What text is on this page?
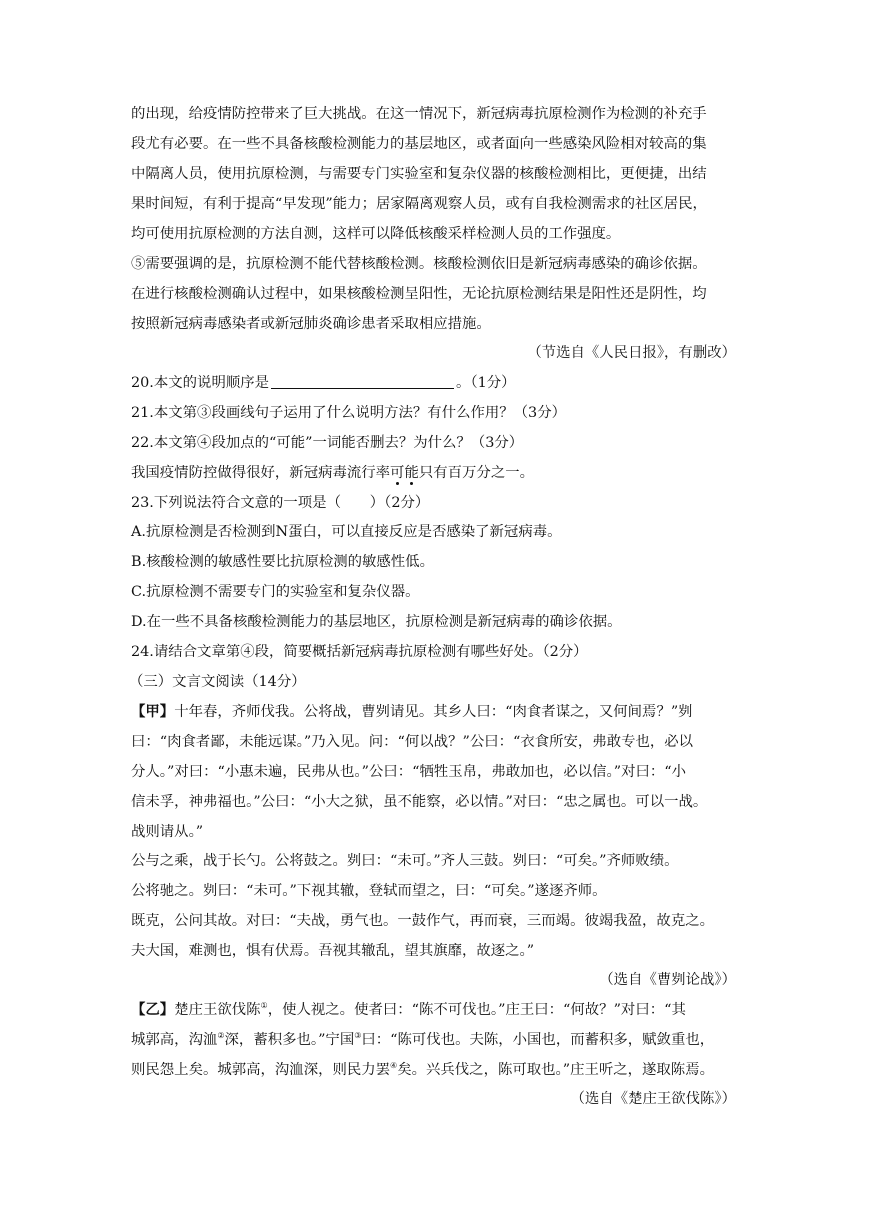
的出现，给疫情防控带来了巨大挑战。在这一情况下，新冠病毒抗原检测作为检测的补充手
段尤有必要。在一些不具备核酸检测能力的基层地区，或者面向一些感染风险相对较高的集
中隔离人员，使用抗原检测，与需要专门实验室和复杂仪器的核酸检测相比，更便捷，出结
果时间短，有利于提高“早发现”能力；居家隔离观察人员，或有自我检测需求的社区居民，
均可使用抗原检测的方法自测，这样可以降低核酸采样检测人员的工作强度。
⑤需要强调的是，抗原检测不能代替核酸检测。核酸检测依旧是新冠病毒感染的确诊依据。
在进行核酸检测确认过程中，如果核酸检测呈阳性，无论抗原检测结果是阳性还是阴性，均
按照新冠病毒感染者或新冠肺炎确诊患者采取相应措施。
（节选自《人民日报》，有删改）
20.本文的说明顺序是	。（1分）
21.本文第③段画线句子运用了什么说明方法？有什么作用？（3分）
22.本文第④段加点的“可能”一词能否删去？为什么？（3分）
我国疫情防控做得很好，新冠病毒流行率可能只有百万分之一。
23.下列说法符合文意的一项是（　　）（2分）
A.抗原检测是否检测到N蛋白，可以直接反应是否感染了新冠病毒。
B.核酸检测的敏感性要比抗原检测的敏感性低。
C.抗原检测不需要专门的实验室和复杂仪器。
D.在一些不具备核酸检测能力的基层地区，抗原检测是新冠病毒的确诊依据。
24.请结合文章第④段，简要概括新冠病毒抗原检测有哪些好处。（2分）
（三）文言文阅读（14分）
【甲】十年春，齐师伐我。公将战，曹刿请见。其乡人曰：“肉食者谋之，又何间焉？”刿
曰：“肉食者鄙，未能远谋。”乃入见。问：“何以战？”公曰：“衣食所安，弗敢专也，必以
分人。”对曰：“小惠未遍，民弗从也。”公曰：“牺牲玉帛，弗敢加也，必以信。”对曰：“小
信未孚，神弗福也。”公曰：“小大之狱，虽不能察，必以情。”对曰：“忠之属也。可以一战。
战则请从。”
公与之乘，战于长勺。公将鼓之。刿曰：“未可。”齐人三鼓。刿曰：“可矣。”齐师败绩。
公将驰之。刿曰：“未可。”下视其辙，登轼而望之，曰：“可矣。”遂逐齐师。
既克，公问其故。对曰：“夫战，勇气也。一鼓作气，再而衰，三而竭。彼竭我盈，故克之。
夫大国，难测也，惧有伏焉。吾视其辙乱，望其旗靡，故逐之。”
（选自《曹刿论战》）
【乙】楚庄王欲伐陈①，使人视之。使者曰：“陈不可伐也。”庄王曰：“何故？”对曰：“其
城郭高，沟洫②深，蓄积多也。”宁国③曰：“陈可伐也。夫陈，小国也，而蓄积多，赋敛重也，
则民怨上矣。城郭高，沟洫深，则民力罢④矣。兴兵伐之，陈可取也。”庄王听之，遂取陈焉。
（选自《楚庄王欲伐陈》）
